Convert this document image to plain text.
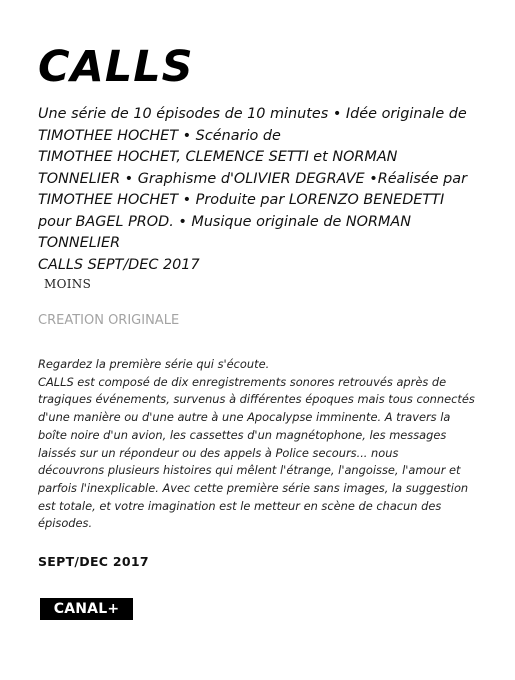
CALLS
Une série de 10 épisodes de 10 minutes • Idée originale de
TIMOTHEE HOCHET • Scénario de
TIMOTHEE HOCHET, CLEMENCE SETTI et NORMAN
TONNELIER • Graphisme d'OLIVIER DEGRAVE •Réalisée par
TIMOTHEE HOCHET • Produite par LORENZO BENEDETTI
pour BAGEL PROD. • Musique originale de NORMAN
TONNELIER
CALLS SEPT/DEC 2017
MOINS
CREATION ORIGINALE
Regardez la première série qui s'écoute.
CALLS est composé de dix enregistrements sonores retrouvés après de
tragiques événements, survenus à différentes époques mais tous connectés
d'une manière ou d'une autre à une Apocalypse imminente. A travers la
boîte noire d'un avion, les cassettes d'un magnétophone, les messages
laissés sur un répondeur ou des appels à Police secours... nous
découvrons plusieurs histoires qui mêlent l'étrange, l'angoisse, l'amour et
parfois l'inexplicable. Avec cette première série sans images, la suggestion
est totale, et votre imagination est le metteur en scène de chacun des
épisodes.
SEPT/DEC 2017
CANAL+
